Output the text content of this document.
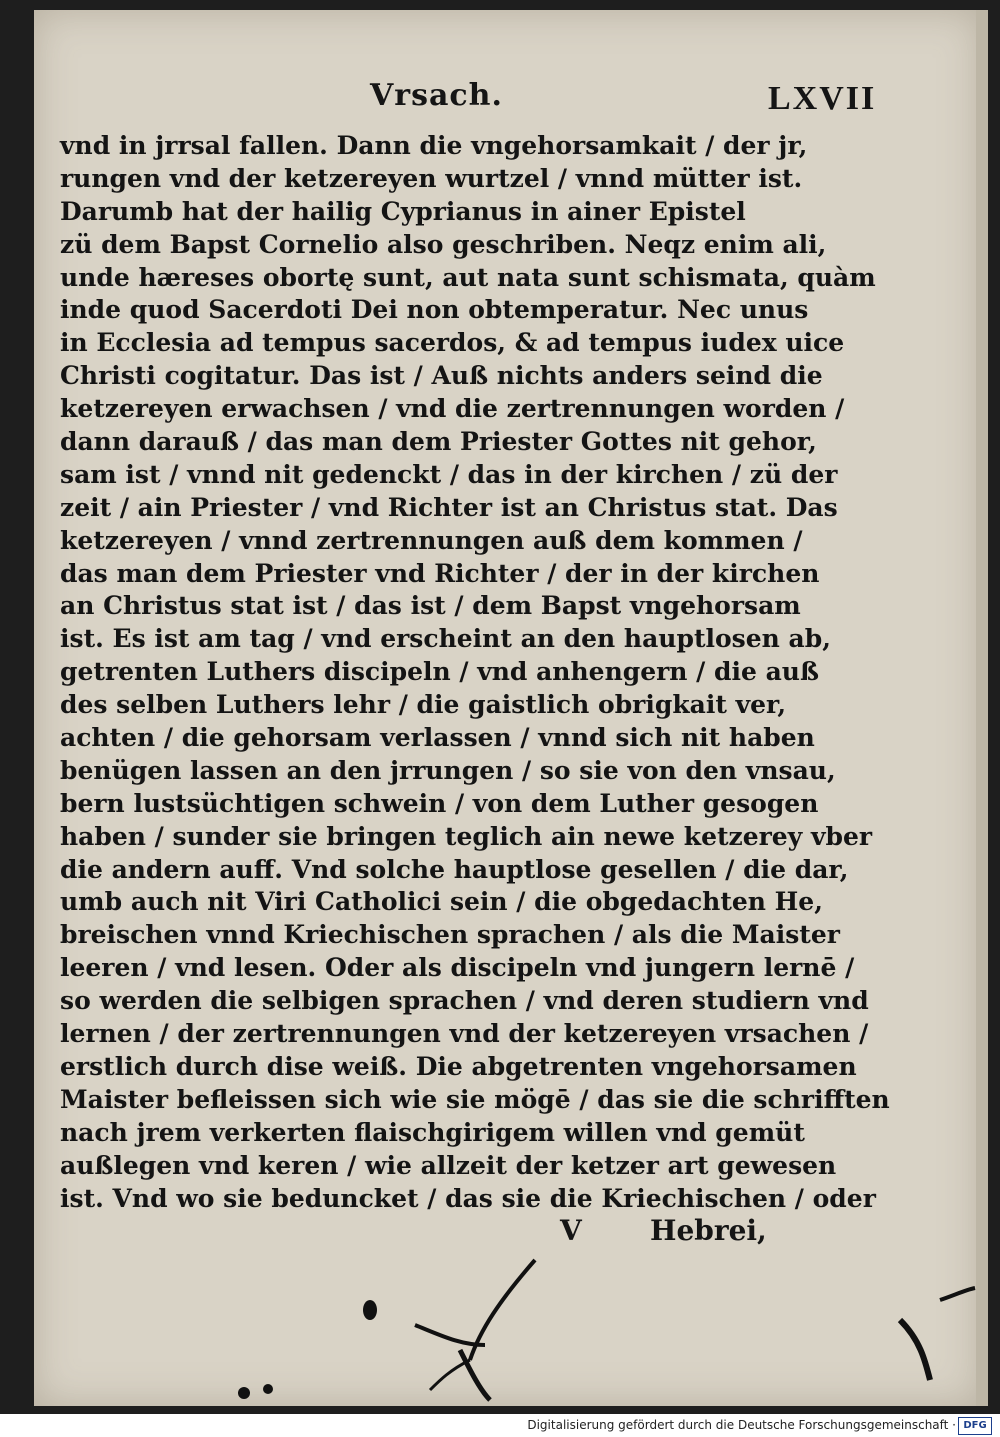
Vrsach.	LXVII
vnd in jrrsal fallen. Dann die vngehorsamkait / der jr,
rungen vnd der ketzereyen wurtzel / vnnd mütter ist.
Darumb hat der hailig Cyprianus in ainer Epistel
zü dem Bapst Cornelio also geschriben. Neqz enim ali,
unde hæreses obortę sunt, aut nata sunt schismata, quàm
inde quod Sacerdoti Dei non obtemperatur. Nec unus
in Ecclesia ad tempus sacerdos, & ad tempus iudex uice
Christi cogitatur. Das ist / Auß nichts anders seind die
ketzereyen erwachsen / vnd die zertrennungen worden /
dann darauß / das man dem Priester Gottes nit gehor,
sam ist / vnnd nit gedenckt / das in der kirchen / zü der
zeit / ain Priester / vnd Richter ist an Christus stat. Das
ketzereyen / vnnd zertrennungen auß dem kommen /
das man dem Priester vnd Richter / der in der kirchen
an Christus stat ist / das ist / dem Bapst vngehorsam
ist. Es ist am tag / vnd erscheint an den hauptlosen ab,
getrenten Luthers discipeln / vnd anhengern / die auß
des selben Luthers lehr / die gaistlich obrigkait ver,
achten / die gehorsam verlassen / vnnd sich nit haben
benügen lassen an den jrrungen / so sie von den vnsau,
bern lustsüchtigen schwein / von dem Luther gesogen
haben / sunder sie bringen teglich ain newe ketzerey vber
die andern auff. Vnd solche hauptlose gesellen / die dar,
umb auch nit Viri Catholici sein / die obgedachten He,
breischen vnnd Kriechischen sprachen / als die Maister
leeren / vnd lesen. Oder als discipeln vnd jungern lernē /
so werden die selbigen sprachen / vnd deren studiern vnd
lernen / der zertrennungen vnd der ketzereyen vrsachen /
erstlich durch dise weiß. Die abgetrenten vngehorsamen
Maister befleissen sich wie sie mögē / das sie die schrifften
nach jrem verkerten flaischgirigem willen vnd gemüt
außlegen vnd keren / wie allzeit der ketzer art gewesen
ist. Vnd wo sie beduncket / das sie die Kriechischen / oder
V Hebrei,
Digitalisierung gefördert durch die Deutsche Forschungsgemeinschaft · DFG
